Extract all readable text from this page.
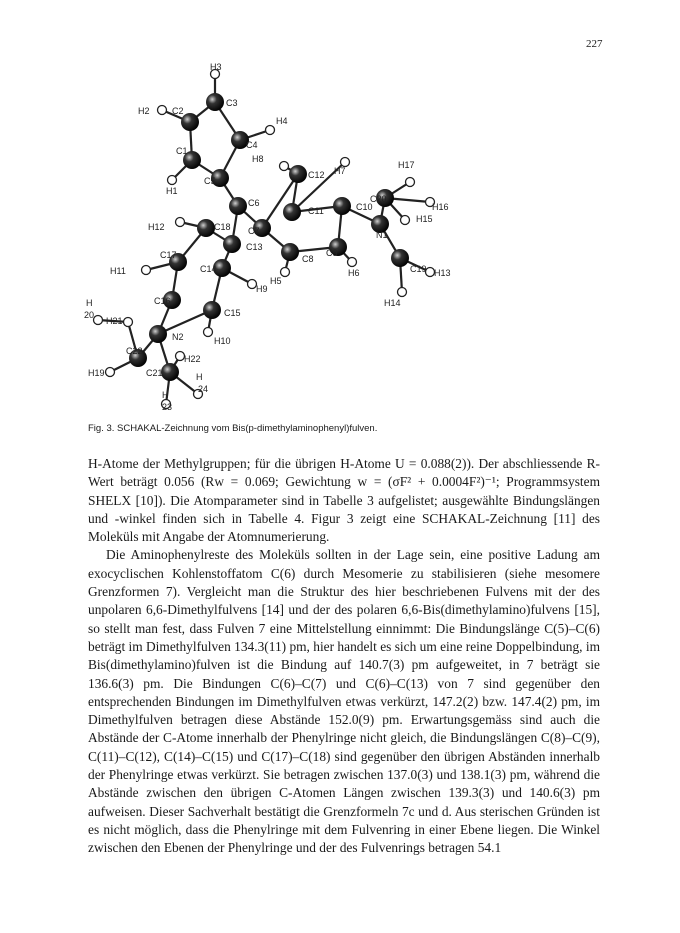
227
H3
C3
H2 C2
H4
C1
C4
H1
C5
H8
C6
C12 H7
H17
C11	C10
C20
H16
C7
H12	C18
H15
N1
C13
C8
C9
H5
H6
C17
H11	C14	C19 H13
H9
H14
C16
C15
H
20
H21
N2	H10
C22
H22
H19	C21	H
24
H
23
Fig. 3. SCHAKAL-Zeichnung vom Bis(p-dimethylaminophenyl)fulven.

H-Atome der Methylgruppen; für die übrigen H-Atome U = 0.088(2)). Der abschliessende R-Wert beträgt 0.056 (Rw = 0.069; Gewichtung w = (σF² + 0.0004F²)⁻¹; Programmsystem SHELX [10]). Die Atomparameter sind in Tabelle 3 aufgelistet; ausgewählte Bindungslängen und -winkel finden sich in Tabelle 4. Figur 3 zeigt eine SCHAKAL-Zeichnung [11] des Moleküls mit Angabe der Atomnumerierung.

Die Aminophenylreste des Moleküls sollten in der Lage sein, eine positive Ladung am exocyclischen Kohlenstoffatom C(6) durch Mesomerie zu stabilisieren (siehe mesomere Grenzformen 7). Vergleicht man die Struktur des hier beschriebenen Fulvens mit der des unpolaren 6,6-Dimethylfulvens [14] und der des polaren 6,6-Bis(dimethylamino)fulvens [15], so stellt man fest, dass Fulven 7 eine Mittelstellung einnimmt: Die Bindungslänge C(5)–C(6) beträgt im Dimethylfulven 134.3(11) pm, hier handelt es sich um eine reine Doppelbindung, im Bis(dimethylamino)fulven ist die Bindung auf 140.7(3) pm aufgeweitet, in 7 beträgt sie 136.6(3) pm. Die Bindungen C(6)–C(7) und C(6)–C(13) von 7 sind gegenüber den entsprechenden Bindungen im Dimethylfulven etwas verkürzt, 147.2(2) bzw. 147.4(2) pm, im Dimethylfulven betragen diese Abstände 152.0(9) pm. Erwartungsgemäss sind auch die Abstände der C-Atome innerhalb der Phenylringe nicht gleich, die Bindungslängen C(8)–C(9), C(11)–C(12), C(14)–C(15) und C(17)–C(18) sind gegenüber den übrigen Abständen innerhalb der Phenylringe etwas verkürzt. Sie betragen zwischen 137.0(3) und 138.1(3) pm, während die Abstände zwischen den übrigen C-Atomen Längen zwischen 139.3(3) und 140.6(3) pm aufweisen. Dieser Sachverhalt bestätigt die Grenzformeln 7c und d. Aus sterischen Gründen ist es nicht möglich, dass die Phenylringe mit dem Fulvenring in einer Ebene liegen. Die Winkel zwischen den Ebenen der Phenylringe und der des Fulvenrings betragen 54.1
